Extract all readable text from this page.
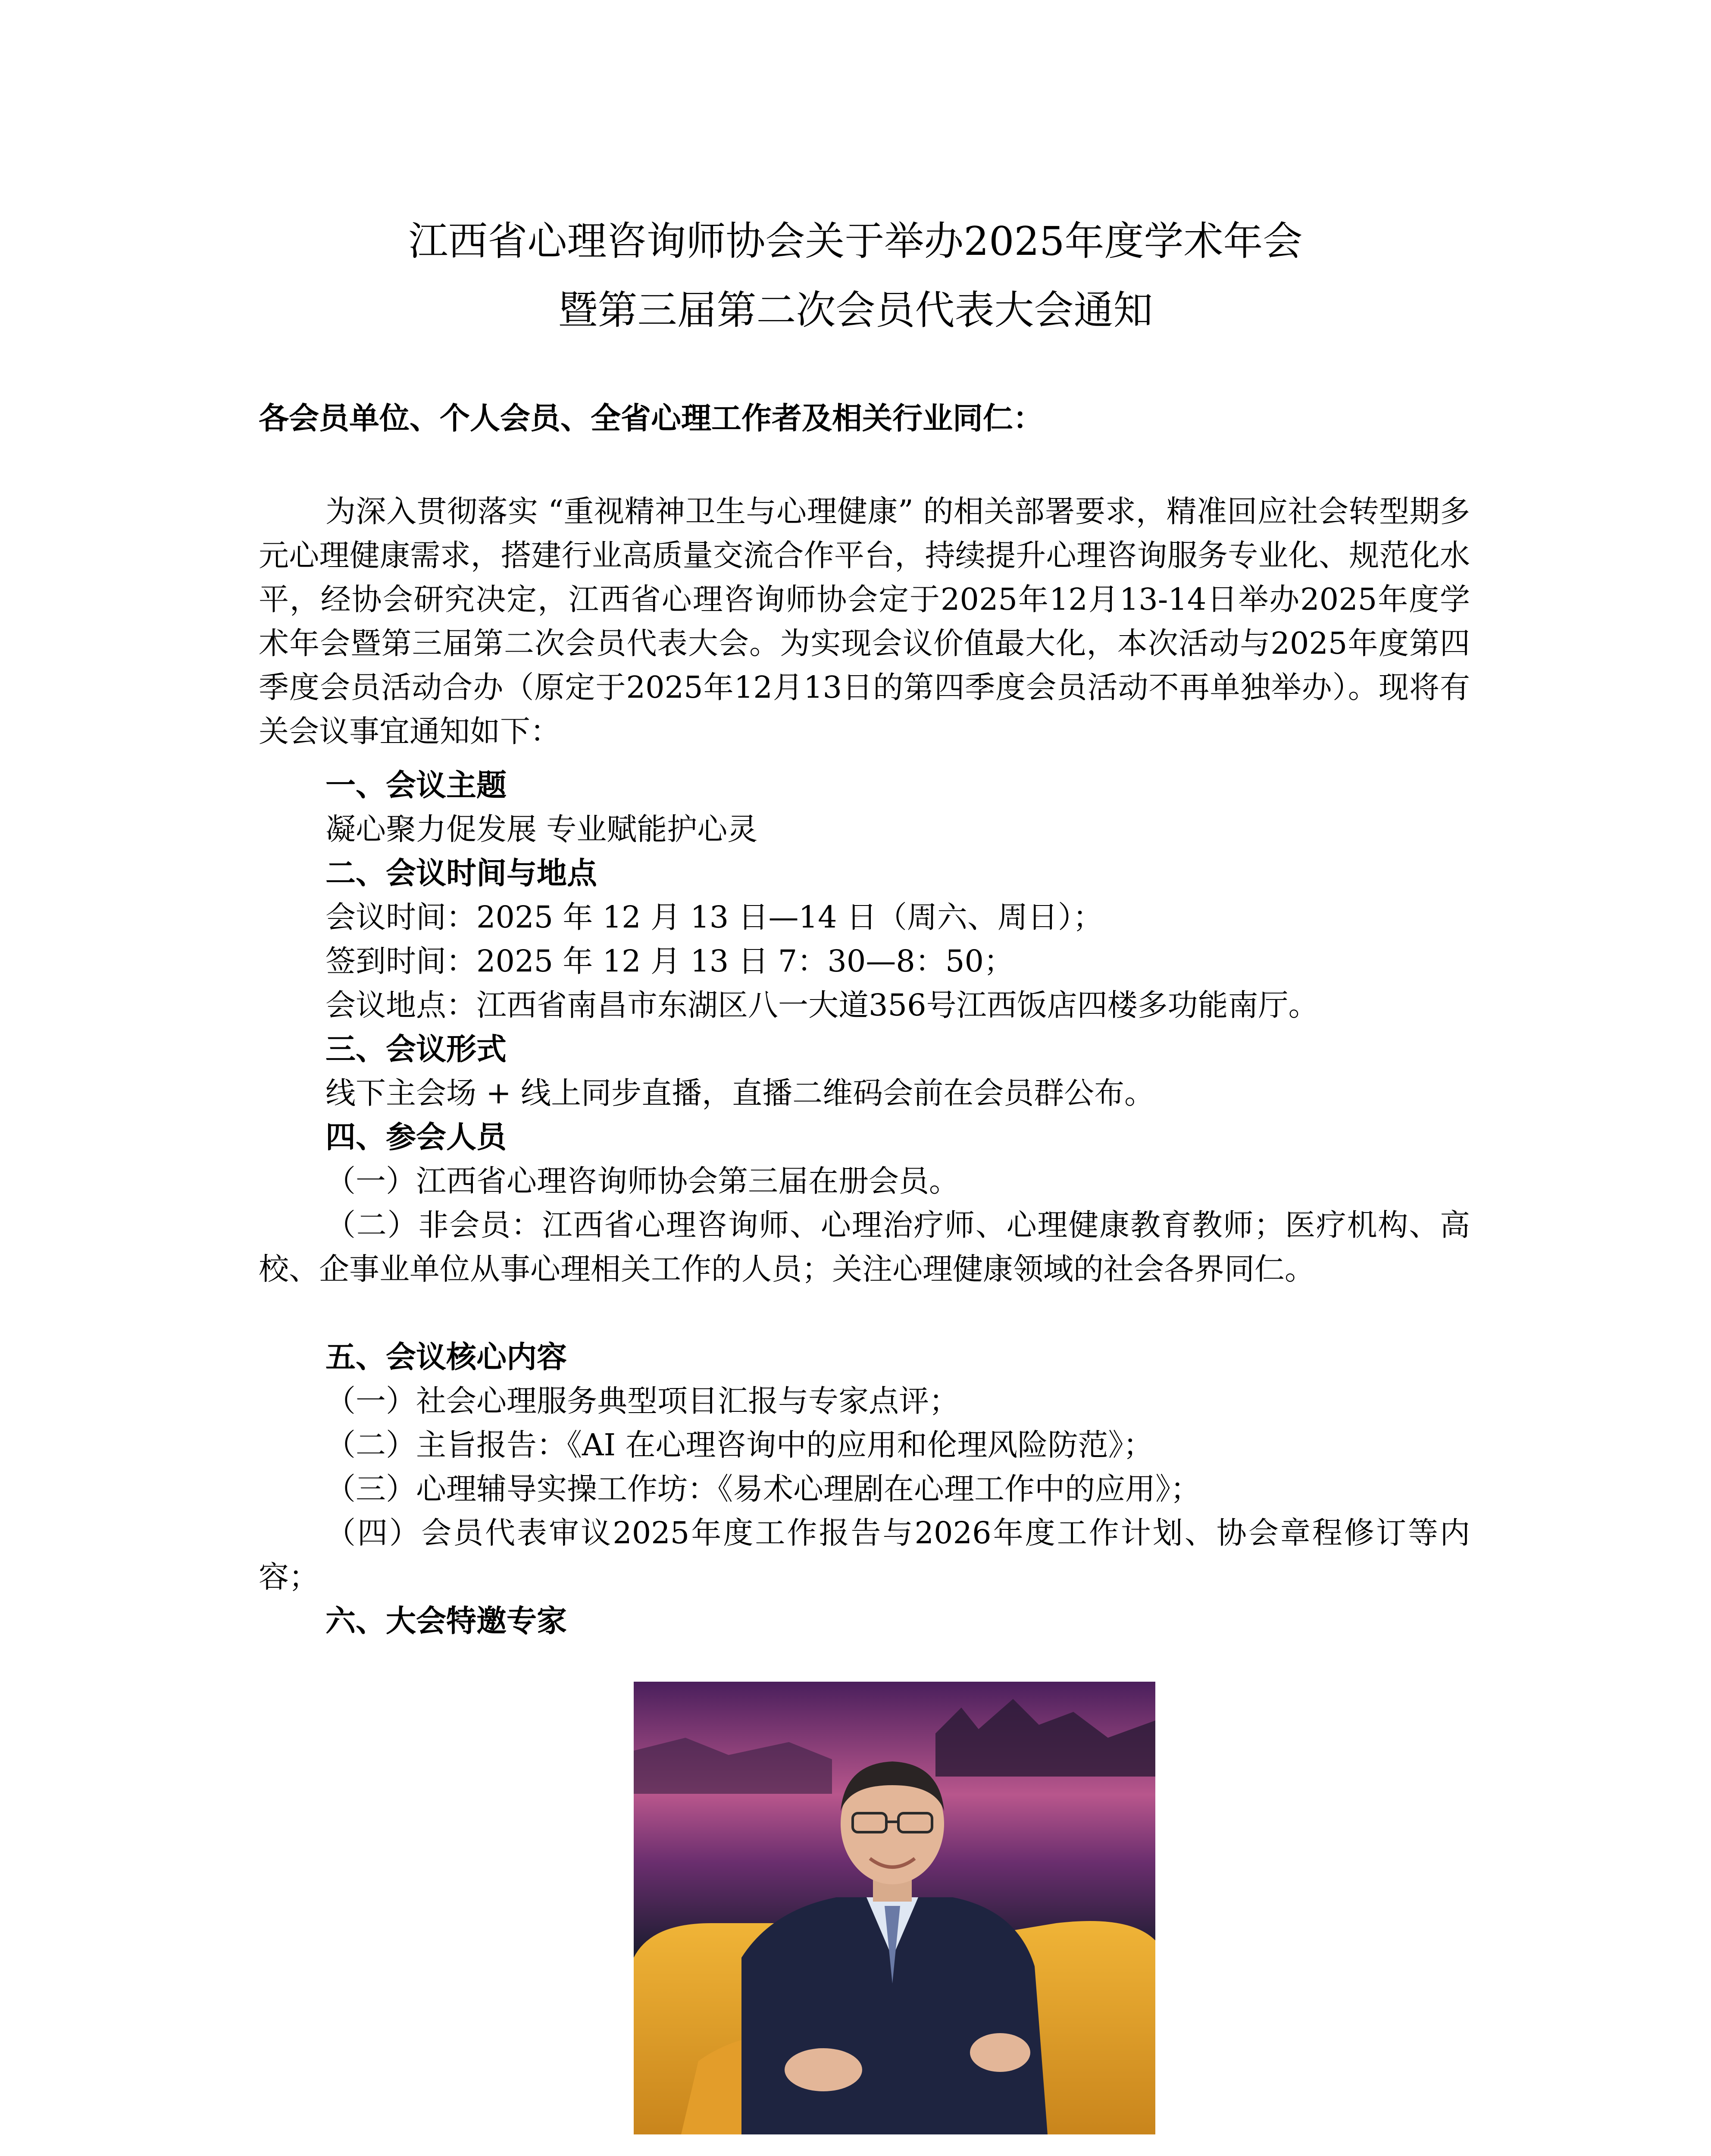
江西省心理咨询师协会关于举办2025年度学术年会
暨第三届第二次会员代表大会通知
各会员单位、个人会员、全省心理工作者及相关行业同仁：
为深入贯彻落实 “重视精神卫生与心理健康” 的相关部署要求，精准回应社会转型期多元心理健康需求，搭建行业高质量交流合作平台，持续提升心理咨询服务专业化、规范化水平，经协会研究决定，江西省心理咨询师协会定于2025年12月13-14日举办2025年度学术年会暨第三届第二次会员代表大会。为实现会议价值最大化，本次活动与2025年度第四季度会员活动合办（原定于2025年12月13日的第四季度会员活动不再单独举办）。现将有关会议事宜通知如下：
一、会议主题
凝心聚力促发展 专业赋能护心灵
二、会议时间与地点
会议时间：2025 年 12 月 13 日—14 日（周六、周日）；
签到时间：2025 年 12 月 13 日 7：30—8：50；
会议地点：江西省南昌市东湖区八一大道356号江西饭店四楼多功能南厅。
三、会议形式
线下主会场 + 线上同步直播，直播二维码会前在会员群公布。
四、参会人员
（一）江西省心理咨询师协会第三届在册会员。
（二）非会员：江西省心理咨询师、心理治疗师、心理健康教育教师；医疗机构、高校、企事业单位从事心理相关工作的人员；关注心理健康领域的社会各界同仁。
五、会议核心内容
（一）社会心理服务典型项目汇报与专家点评；
（二）主旨报告：《AI 在心理咨询中的应用和伦理风险防范》；
（三）心理辅导实操工作坊：《易术心理剧在心理工作中的应用》；
（四）会员代表审议2025年度工作报告与2026年度工作计划、协会章程修订等内容；
六、大会特邀专家
